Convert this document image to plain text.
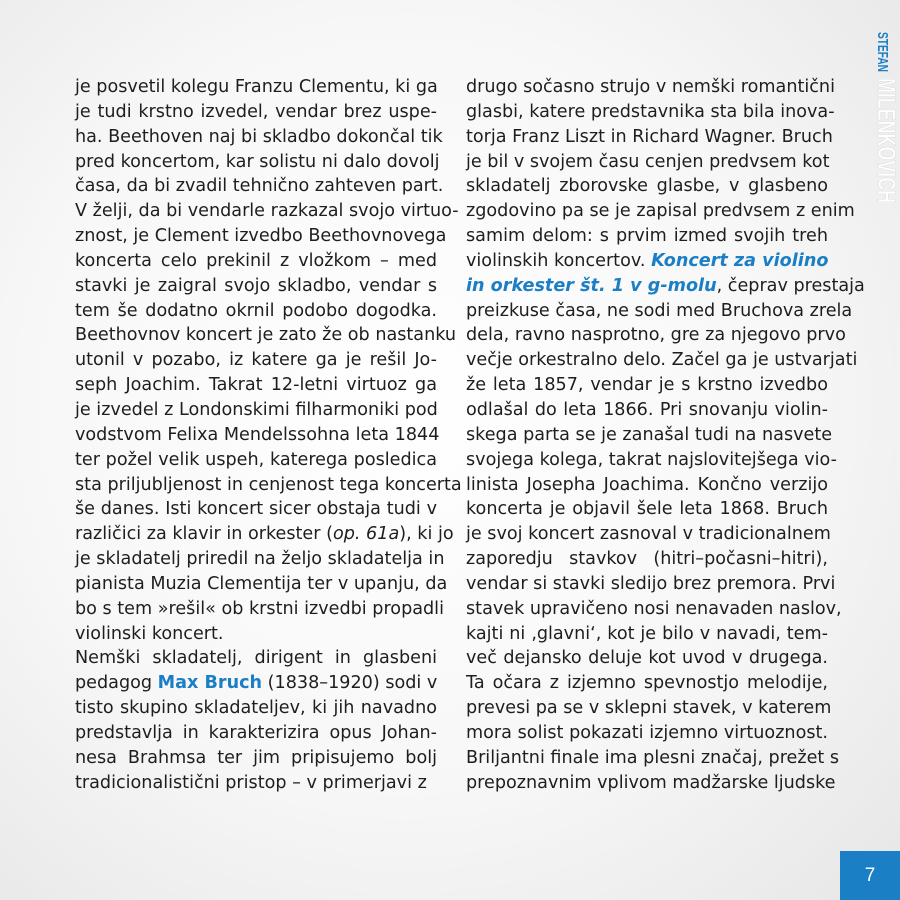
STEFAN
MILENKOVICH
je posvetil kolegu Franzu Clementu, ki ga
je tudi krstno izvedel, vendar brez uspe-
ha. Beethoven naj bi skladbo dokončal tik
pred koncertom, kar solistu ni dalo dovolj
časa, da bi zvadil tehnično zahteven part.
V želji, da bi vendarle razkazal svojo virtuo-
znost, je Clement izvedbo Beethovnovega
koncerta celo prekinil z vložkom – med
stavki je zaigral svojo skladbo, vendar s
tem še dodatno okrnil podobo dogodka.
Beethovnov koncert je zato že ob nastanku
utonil v pozabo, iz katere ga je rešil Jo-
seph Joachim. Takrat 12-letni virtuoz ga
je izvedel z Londonskimi filharmoniki pod
vodstvom Felixa Mendelssohna leta 1844
ter požel velik uspeh, katerega posledica
sta priljubljenost in cenjenost tega koncerta
še danes. Isti koncert sicer obstaja tudi v
različici za klavir in orkester (op. 61a), ki jo
je skladatelj priredil na željo skladatelja in
pianista Muzia Clementija ter v upanju, da
bo s tem »rešil« ob krstni izvedbi propadli
violinski koncert.
Nemški skladatelj, dirigent in glasbeni
pedagog Max Bruch (1838–1920) sodi v
tisto skupino skladateljev, ki jih navadno
predstavlja in karakterizira opus Johan-
nesa Brahmsa ter jim pripisujemo bolj
tradicionalistični pristop – v primerjavi z
drugo sočasno strujo v nemški romantični
glasbi, katere predstavnika sta bila inova-
torja Franz Liszt in Richard Wagner. Bruch
je bil v svojem času cenjen predvsem kot
skladatelj zborovske glasbe, v glasbeno
zgodovino pa se je zapisal predvsem z enim
samim delom: s prvim izmed svojih treh
violinskih koncertov. Koncert za violino
in orkester št. 1 v g-molu, čeprav prestaja
preizkuse časa, ne sodi med Bruchova zrela
dela, ravno nasprotno, gre za njegovo prvo
večje orkestralno delo. Začel ga je ustvarjati
že leta 1857, vendar je s krstno izvedbo
odlašal do leta 1866. Pri snovanju violin-
skega parta se je zanašal tudi na nasvete
svojega kolega, takrat najslovitejšega vio-
linista Josepha Joachima. Končno verzijo
koncerta je objavil šele leta 1868. Bruch
je svoj koncert zasnoval v tradicionalnem
zaporedju stavkov (hitri–počasni–hitri),
vendar si stavki sledijo brez premora. Prvi
stavek upravičeno nosi nenavaden naslov,
kajti ni ‚glavni‘, kot je bilo v navadi, tem-
več dejansko deluje kot uvod v drugega.
Ta očara z izjemno spevnostjo melodije,
prevesi pa se v sklepni stavek, v katerem
mora solist pokazati izjemno virtuoznost.
Briljantni finale ima plesni značaj, prežet s
prepoznavnim vplivom madžarske ljudske
7
